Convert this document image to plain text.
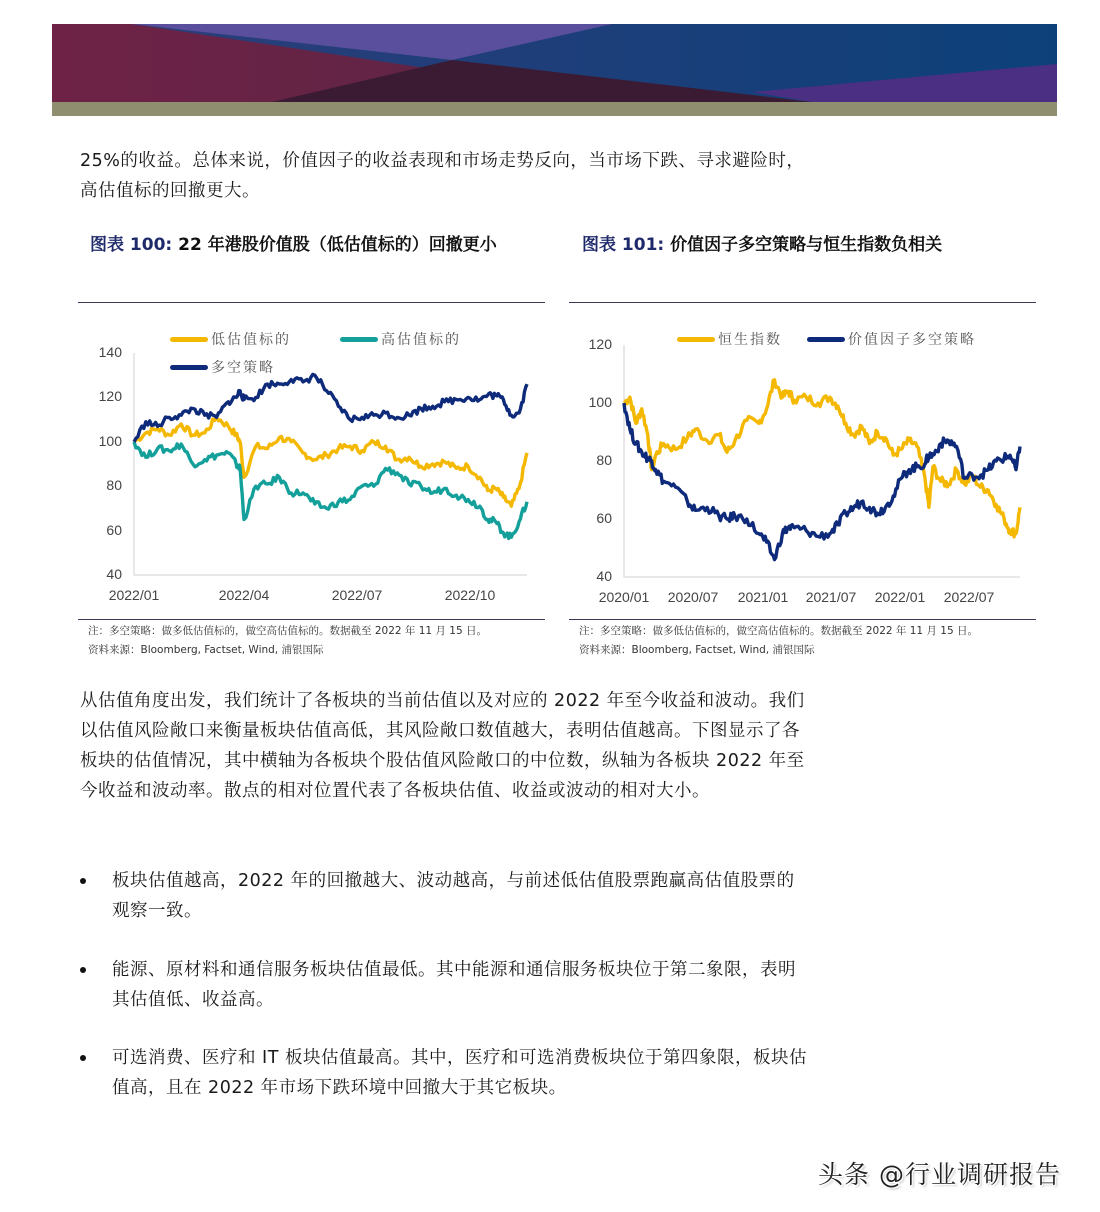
25%的收益。总体来说，价值因子的收益表现和市场走势反向，当市场下跌、寻求避险时，高估值标的回撤更大。
图表 100: 22 年港股价值股（低估值标的）回撤更小	图表 101: 价值因子多空策略与恒生指数负相关
140
120
100
80
60
40
2022/01	2022/04	2022/07	2022/10
低估值标的	高估值标的
多空策略
120
100
80
60
40
2020/01 2020/07 2021/01 2021/07 2022/01 2022/07
恒生指数	价值因子多空策略
注：多空策略：做多低估值标的，做空高估值标的。数据截至 2022 年 11 月 15 日。
资料来源：Bloomberg, Factset, Wind, 浦银国际
注：多空策略：做多低估值标的，做空高估值标的。数据截至 2022 年 11 月 15 日。
资料来源：Bloomberg, Factset, Wind, 浦银国际
从估值角度出发，我们统计了各板块的当前估值以及对应的 2022 年至今收益和波动。我们以估值风险敞口来衡量板块估值高低，其风险敞口数值越大，表明估值越高。下图显示了各板块的估值情况，其中横轴为各板块个股估值风险敞口的中位数，纵轴为各板块 2022 年至今收益和波动率。散点的相对位置代表了各板块估值、收益或波动的相对大小。
板块估值越高，2022 年的回撤越大、波动越高，与前述低估值股票跑赢高估值股票的观察一致。
能源、原材料和通信服务板块估值最低。其中能源和通信服务板块位于第二象限，表明其估值低、收益高。
可选消费、医疗和 IT 板块估值最高。其中，医疗和可选消费板块位于第四象限，板块估值高，且在 2022 年市场下跌环境中回撤大于其它板块。
头条 @行业调研报告
